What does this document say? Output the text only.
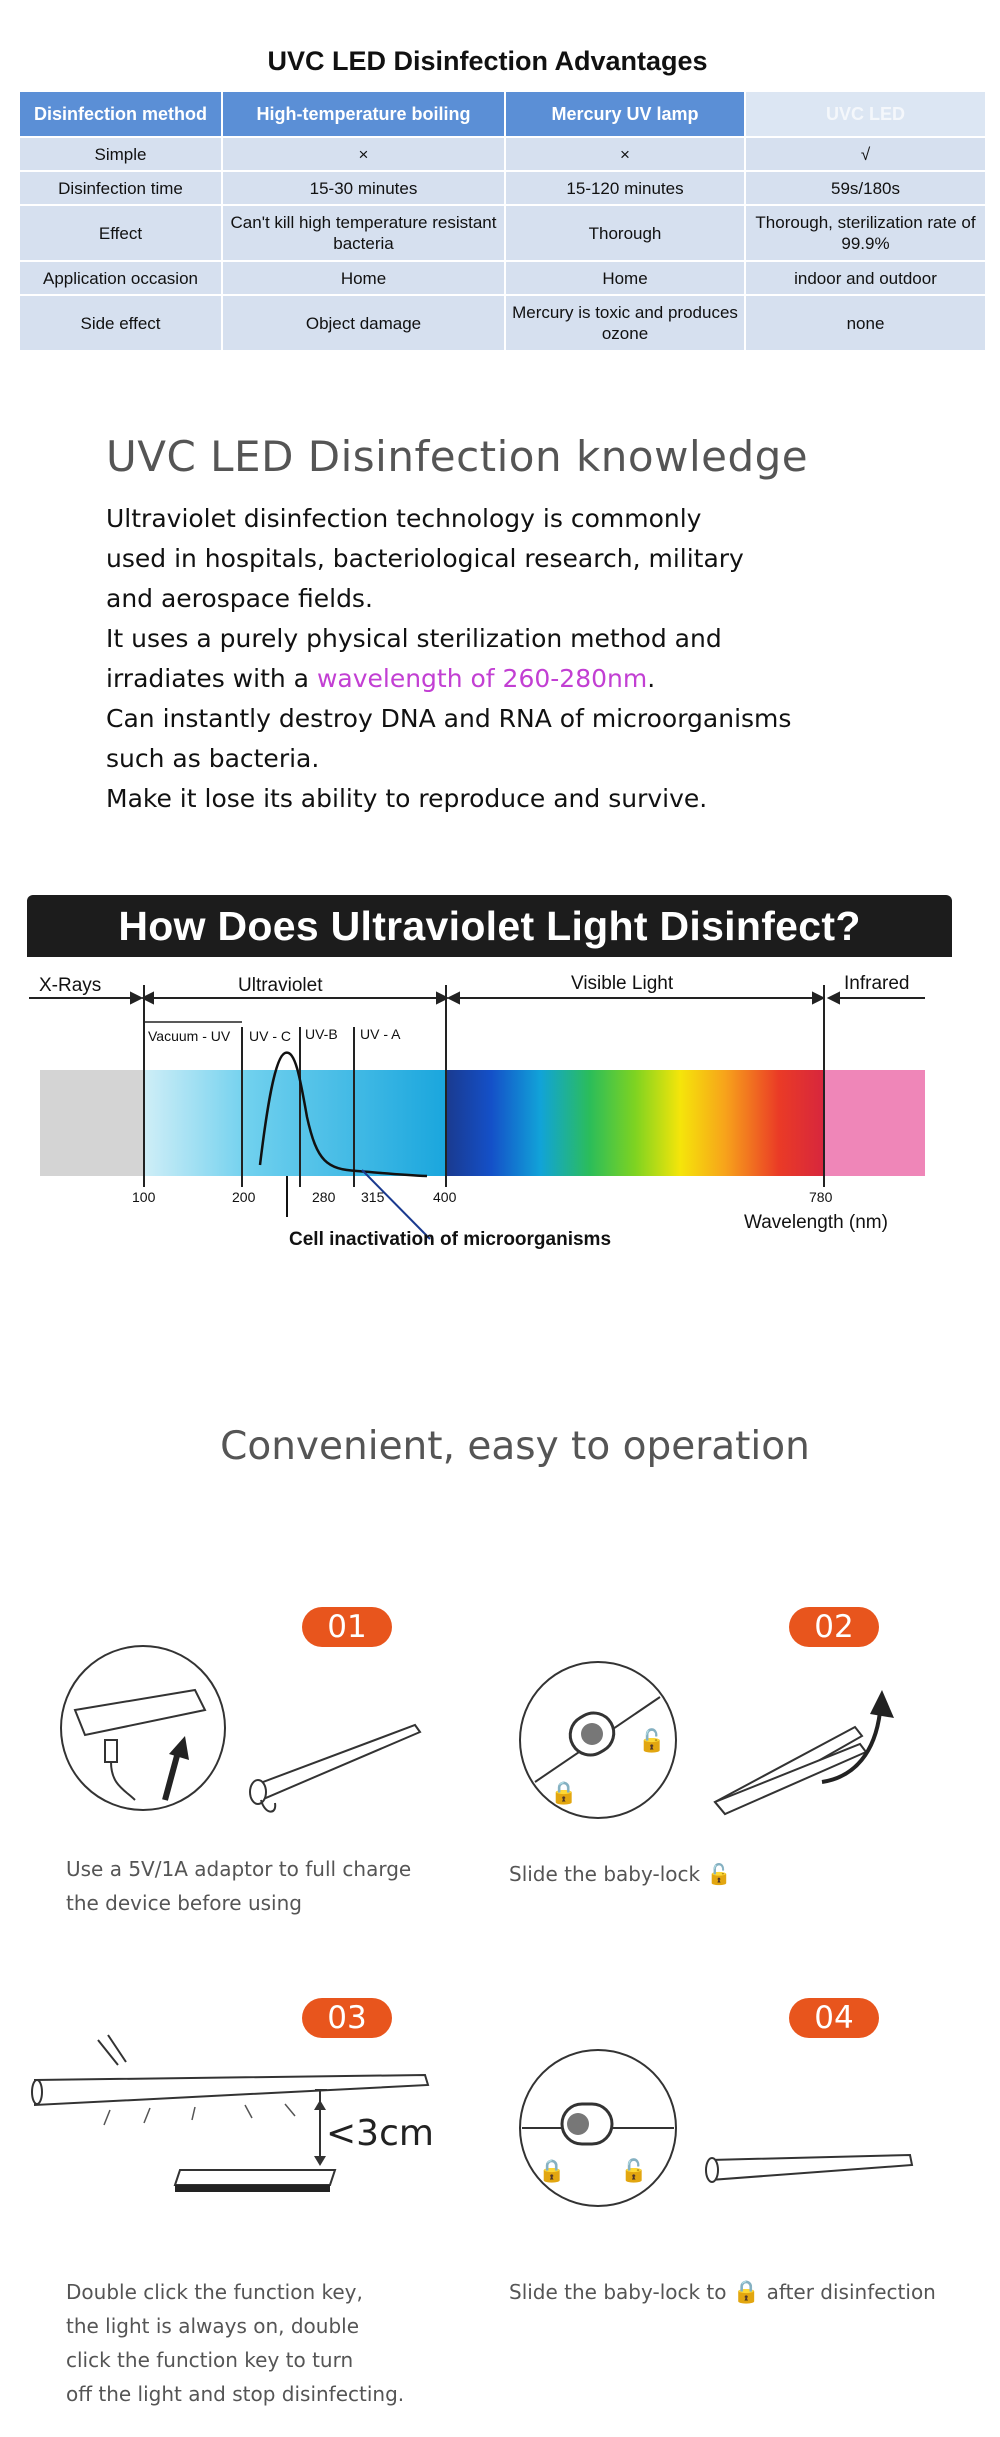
UVC LED Disinfection Advantages
Disinfection method	High-temperature boiling	Mercury UV lamp	UVC LED
Simple	×	×	√
Disinfection time	15-30 minutes	15-120 minutes	59s/180s
Effect	Can't kill high temperature resistant bacteria	Thorough	Thorough, sterilization rate of 99.9%
Application occasion	Home	Home	indoor and outdoor
Side effect	Object damage	Mercury is toxic and produces ozone	none
UVC LED Disinfection knowledge
Ultraviolet disinfection technology is commonly
used in hospitals, bacteriological research, military
and aerospace fields.
It uses a purely physical sterilization method and
irradiates with a wavelength of 260-280nm.
Can instantly destroy DNA and RNA of microorganisms
such as bacteria.
Make it lose its ability to reproduce and survive.
How Does Ultraviolet Light Disinfect?
X-Rays	Ultraviolet	Visible Light	Infrared
Vacuum - UV UV - C UV-B UV - A
100	200	280 315	400	780
Wavelength (nm)
Cell inactivation of microorganisms
Convenient, easy to operation
01
Use a 5V/1A adaptor to full charge
the device before using
02
🔒
🔓
Slide the baby-lock 🔓
03
<3cm
Double click the function key,
the light is always on, double
click the function key to turn
off the light and stop disinfecting.
04
🔒 🔓
Slide the baby-lock to 🔒 after disinfection
